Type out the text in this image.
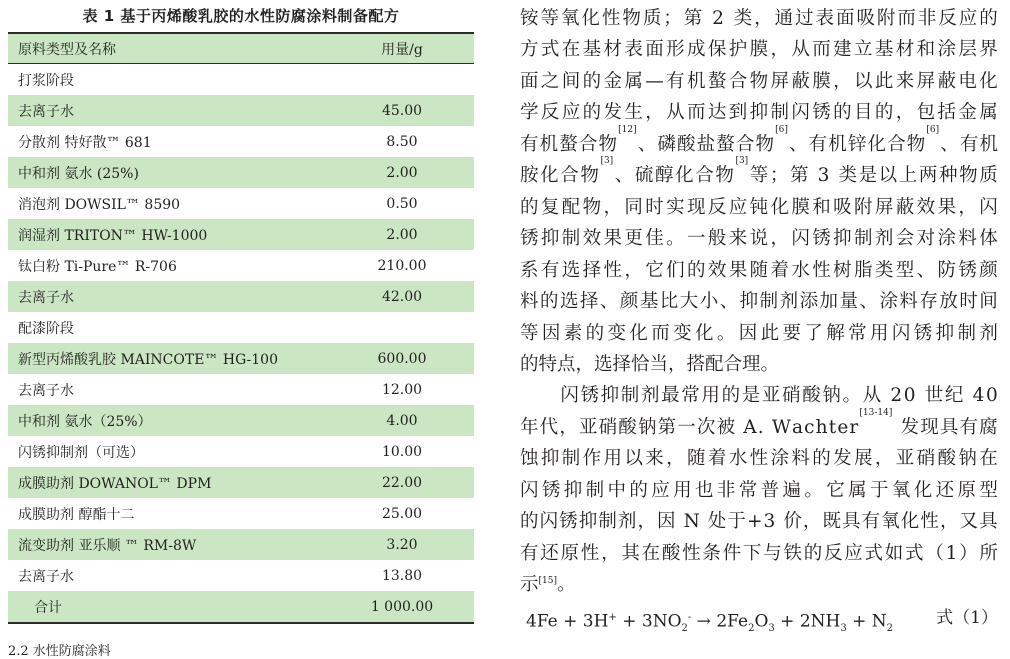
表 1 基于丙烯酸乳胶的水性防腐涂料制备配方
原料类型及名称	用量/g
打浆阶段	
去离子水	45.00
分散剂 特好散™ 681	8.50
中和剂 氨水 (25%)	2.00
消泡剂 DOWSIL™ 8590	0.50
润湿剂 TRITON™ HW-1000	2.00
钛白粉 Ti-Pure™ R-706	210.00
去离子水	42.00
配漆阶段	
新型丙烯酸乳胶 MAINCOTE™ HG-100	600.00
去离子水	12.00
中和剂 氨水（25%）	4.00
闪锈抑制剂（可选）	10.00
成膜助剂 DOWANOL™ DPM	22.00
成膜助剂 醇酯十二	25.00
流变助剂 亚乐顺 ™ RM-8W	3.20
去离子水	13.80
合计	1 000.00
2.2 水性防腐涂料
铵 等 氧 化 性 物 质 ； 第
2
类 ， 通 过 表 面 吸 附 而 非 反 应 的
方 式 在 基 材 表 面 形 成 保 护 膜 ， 从 而 建 立 基 材 和 涂 层 界
面 之 间 的 金 属 — 有 机 螯 合 物 屏 蔽 膜 ， 以 此 来 屏 蔽 电 化
学 反 应 的 发 生 ， 从 而 达 到 抑 制 闪 锈 的 目 的 ， 包 括 金 属
有 机 螯 合 物
[12]
、 磷 酸 盐 螯 合 物
[6]
、 有 机 锌 化 合 物
[6]
、 有 机
胺 化 合 物
[3]
、 硫 醇 化 合 物
[3]
等 ； 第
3
类 是 以 上 两 种 物 质
的 复 配 物 ， 同 时 实 现 反 应 钝 化 膜 和 吸 附 屏 蔽 效 果 ， 闪
锈 抑 制 效 果 更 佳 。 一 般 来 说 ， 闪 锈 抑 制 剂 会 对 涂 料 体
系 有 选 择 性 ， 它 们 的 效 果 随 着 水 性 树 脂 类 型 、 防 锈 颜
料 的 选 择 、 颜 基 比 大 小 、 抑 制 剂 添 加 量 、 涂 料 存 放 时 间
等 因 素 的 变 化 而 变 化 。 因 此 要 了 解 常 用 闪 锈 抑 制 剂
的特点，选择恰当，搭配合理。

闪 锈 抑 制 剂 最 常 用 的 是 亚 硝 酸 钠 。 从
2 0
世 纪
4 0
年 代 ， 亚 硝 酸 钠 第 一 次 被
A .
W a c h t e r
[13-14]

发 现 具 有 腐
蚀 抑 制 作 用 以 来 ， 随 着 水 性 涂 料 的 发 展 ， 亚 硝 酸 钠 在
闪 锈 抑 制 中 的 应 用 也 非 常 普 遍 。 它 属 于 氧 化 还 原 型
的 闪 锈 抑 制 剂 ， 因
N
处 于 + 3
价 ， 既 具 有 氧 化 性 ， 又 具
有 还 原 性 ， 其 在 酸 性 条 件 下 与 铁 的 反 应 式 如 式 （ 1 ） 所
示[15]。
$4Fe + 3H^+ + 3NO_2^- \to 2Fe_2O_3 + 2NH_3 + N_2$
式（1）
